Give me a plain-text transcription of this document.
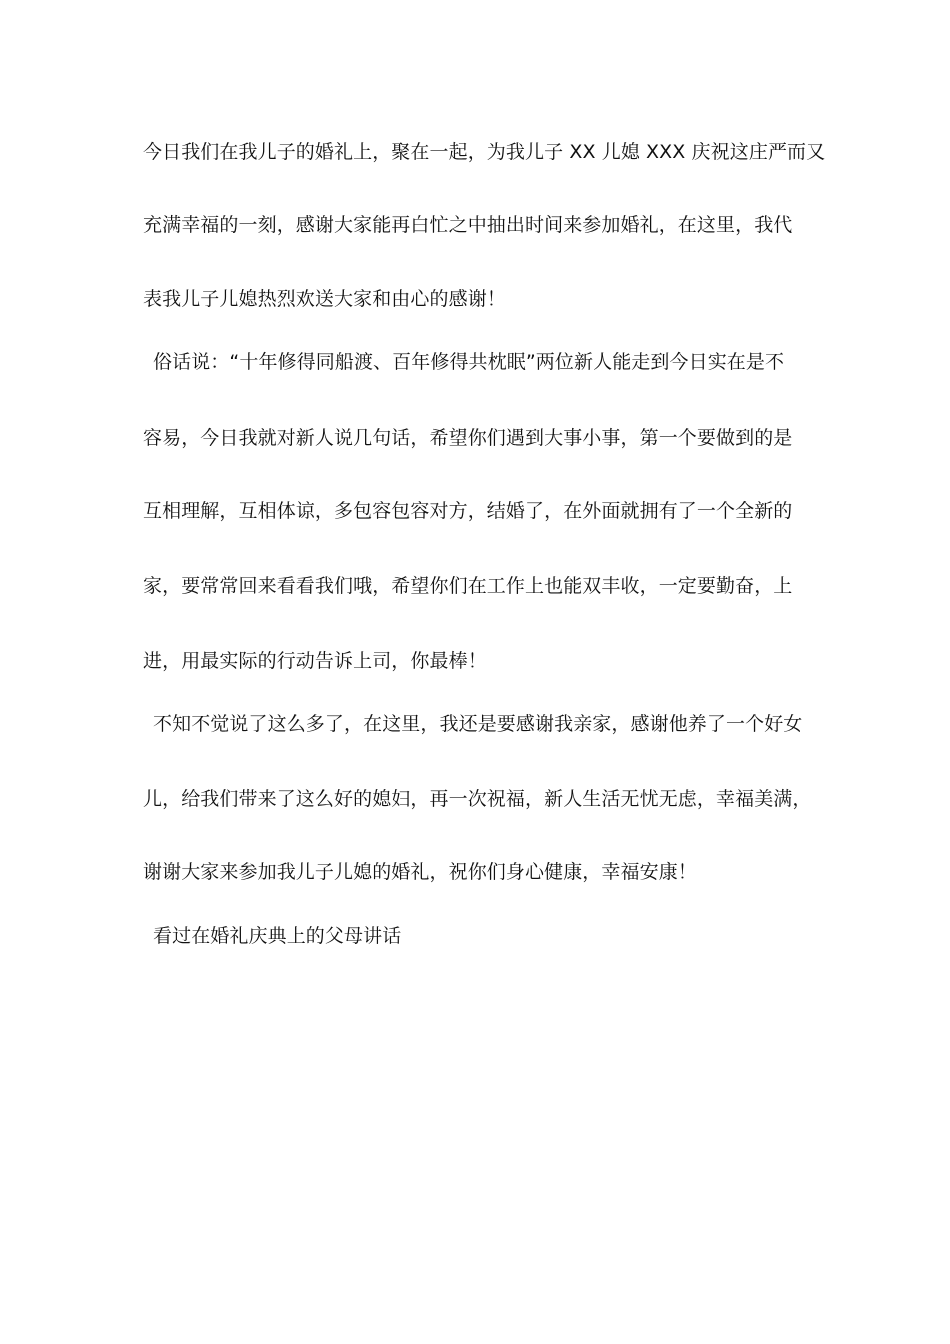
今日我们在我儿子的婚礼上，聚在一起，为我儿子 XX 儿媳 XXX 庆祝这庄严而又
充满幸福的一刻，感谢大家能再白忙之中抽出时间来参加婚礼，在这里，我代
表我儿子儿媳热烈欢送大家和由心的感谢！
俗话说：“十年修得同船渡、百年修得共枕眠”两位新人能走到今日实在是不
容易，今日我就对新人说几句话，希望你们遇到大事小事，第一个要做到的是
互相理解，互相体谅，多包容包容对方，结婚了，在外面就拥有了一个全新的
家，要常常回来看看我们哦，希望你们在工作上也能双丰收，一定要勤奋，上
进，用最实际的行动告诉上司，你最棒！
不知不觉说了这么多了，在这里，我还是要感谢我亲家，感谢他养了一个好女
儿，给我们带来了这么好的媳妇，再一次祝福，新人生活无忧无虑，幸福美满，
谢谢大家来参加我儿子儿媳的婚礼，祝你们身心健康，幸福安康！
看过在婚礼庆典上的父母讲话
